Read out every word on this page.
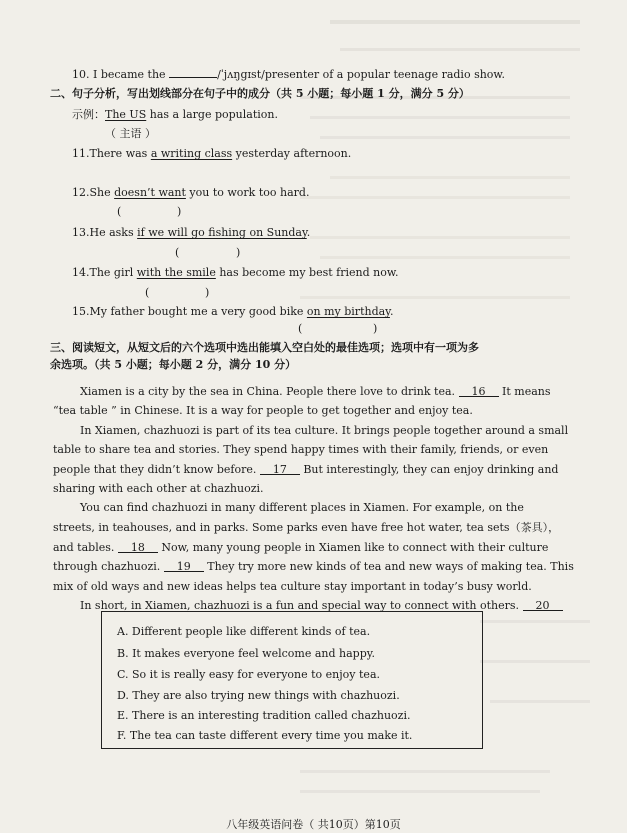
10. I became the	/ˈjʌŋgɪst/presenter of a popular teenage radio show.
二、句子分析，写出划线部分在句子中的成分（共 5 小题；每小题 1 分，满分 5 分）
示例：The US has a large population.
（ 主语 ）
11.There was a writing class yesterday afternoon.
12.She doesn’t want you to work too hard.
(	)
13.He asks if we will go fishing on Sunday.
(	)
14.The girl with the smile has become my best friend now.
(	)
15.My father bought me a very good bike on my birthday.
(	)
三、阅读短文，从短文后的六个选项中选出能填入空白处的最佳选项；选项中有一项为多
余选项。（共 5 小题；每小题 2 分，满分 10 分）
Xiamen is a city by the sea in China. People there love to drink tea. 16 It means
“tea table ” in Chinese. It is a way for people to get together and enjoy tea.
In Xiamen, chazhuozi is part of its tea culture. It brings people together around a small
table to share tea and stories. They spend happy times with their family, friends, or even
people that they didn’t know before. 17 But interestingly, they can enjoy drinking and
sharing with each other at chazhuozi.
You can find chazhuozi in many different places in Xiamen. For example, on the
streets, in teahouses, and in parks. Some parks even have free hot water, tea sets（茶具），
and tables. 18 Now, many young people in Xiamen like to connect with their culture
through chazhuozi. 19 They try more new kinds of tea and new ways of making tea. This
mix of old ways and new ideas helps tea culture stay important in today’s busy world.
In short, in Xiamen, chazhuozi is a fun and special way to connect with others. 20
A. Different people like different kinds of tea.
B. It makes everyone feel welcome and happy.
C. So it is really easy for everyone to enjoy tea.
D. They are also trying new things with chazhuozi.
E. There is an interesting tradition called chazhuozi.
F. The tea can taste different every time you make it.
八年级英语问卷（ 共10页）第10页
